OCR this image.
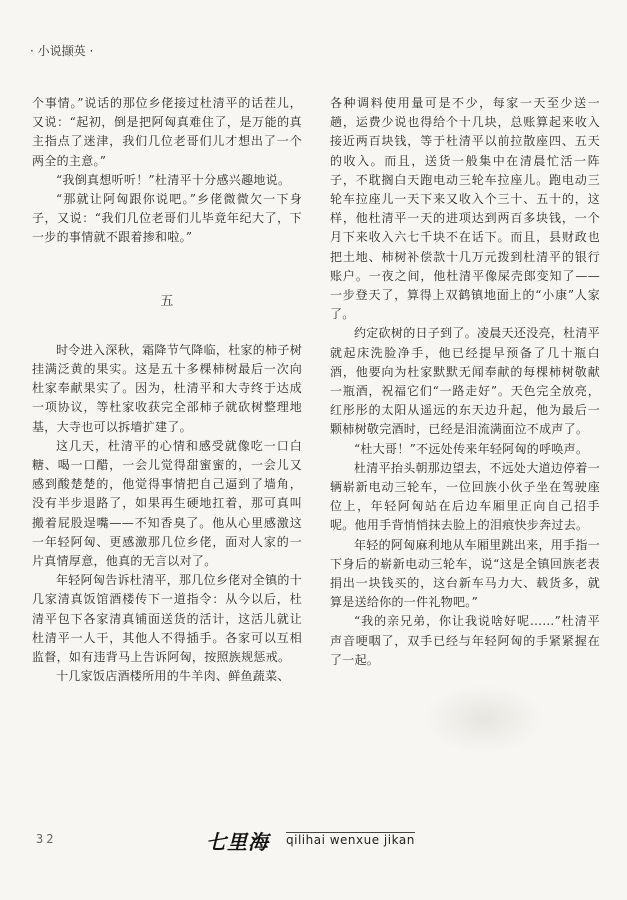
· 小说撷英 ·

个事情。”说话的那位乡佬接过杜清平的话茬儿，又说：“起初，倒是把阿匈真难住了，是万能的真主指点了迷津，我们几位老哥们儿才想出了一个两全的主意。”

“我倒真想听听！”杜清平十分感兴趣地说。

“那就让阿匈跟你说吧。”乡佬微微欠一下身子，又说：“我们几位老哥们儿毕竟年纪大了，下一步的事情就不跟着掺和啦。”

五

时令进入深秋，霜降节气降临，杜家的柿子树挂满泛黄的果实。这是五十多棵柿树最后一次向杜家奉献果实了。因为，杜清平和大寺终于达成一项协议，等杜家收获完全部柿子就砍树整理地基，大寺也可以拆墙扩建了。

这几天，杜清平的心情和感受就像吃一口白糖、喝一口醋，一会儿觉得甜蜜蜜的，一会儿又感到酸楚楚的，他觉得事情把自己逼到了墙角，没有半步退路了，如果再生硬地扛着，那可真叫搬着屁股逞嘴——不知香臭了。他从心里感激这一年轻阿匈、更感激那几位乡佬，面对人家的一片真情厚意，他真的无言以对了。

年轻阿匈告诉杜清平，那几位乡佬对全镇的十几家清真饭馆酒楼传下一道指令：从今以后，杜清平包下各家清真铺面送货的活计，这活儿就让杜清平一人干，其他人不得插手。各家可以互相监督，如有违背马上告诉阿匈，按照族规惩戒。

十几家饭店酒楼所用的牛羊肉、鲜鱼蔬菜、

各种调料使用量可是不少，每家一天至少送一趟，运费少说也得给个十几块，总账算起来收入接近两百块钱，等于杜清平以前拉散座四、五天的收入。而且，送货一般集中在清晨忙活一阵子，不耽搁白天跑电动三轮车拉座儿。跑电动三轮车拉座儿一天下来又收入个三十、五十的，这样，他杜清平一天的进项达到两百多块钱，一个月下来收入六七千块不在话下。而且，县财政也把土地、柿树补偿款十几万元拨到杜清平的银行账户。一夜之间，他杜清平像屎壳郎变知了——一步登天了，算得上双鹤镇地面上的“小康”人家了。

约定砍树的日子到了。凌晨天还没亮，杜清平就起床洗脸净手，他已经提早预备了几十瓶白酒，他要向为杜家默默无闻奉献的每棵柿树敬献一瓶酒，祝福它们“一路走好”。天色完全放亮，红彤彤的太阳从遥远的东天边升起，他为最后一颗柿树敬完酒时，已经是泪流满面泣不成声了。

“杜大哥！”不远处传来年轻阿匈的呼唤声。

杜清平抬头朝那边望去，不远处大道边停着一辆崭新电动三轮车，一位回族小伙子坐在驾驶座位上，年轻阿匈站在后边车厢里正向自己招手呢。他用手背悄悄抹去脸上的泪痕快步奔过去。

年轻的阿匈麻利地从车厢里跳出来，用手指一下身后的崭新电动三轮车，说“这是全镇回族老表捐出一块钱买的，这台新车马力大、载货多，就算是送给你的一件礼物吧。”

“我的亲兄弟，你让我说啥好呢……”杜清平声音哽咽了，双手已经与年轻阿匈的手紧紧握在了一起。

32	七里海 qilihai wenxue jikan
